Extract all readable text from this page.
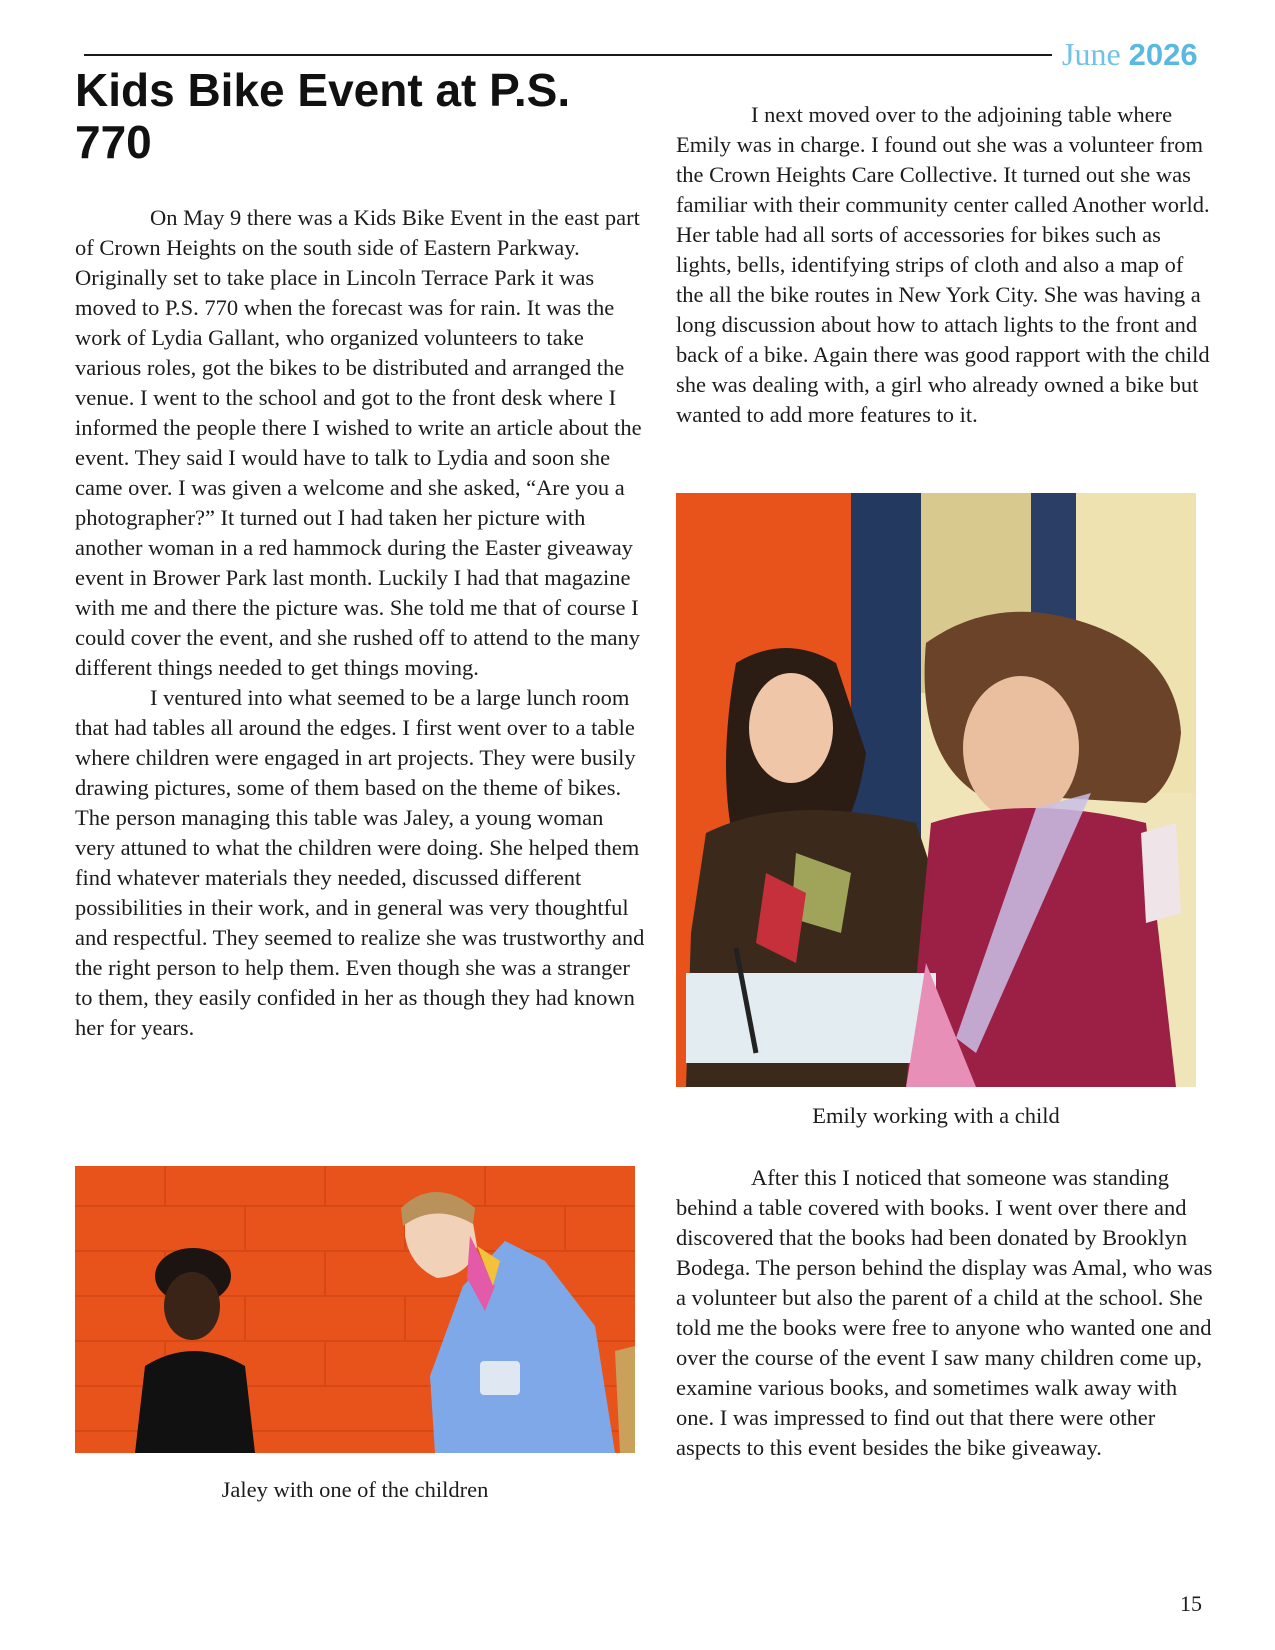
June 2026
Kids Bike Event at P.S. 770

On May 9 there was a Kids Bike Event in the east part of Crown Heights on the south side of Eastern Parkway. Originally set to take place in Lincoln Terrace Park it was moved to P.S. 770 when the forecast was for rain. It was the work of Lydia Gallant, who organized volunteers to take various roles, got the bikes to be distributed and arranged the venue. I went to the school and got to the front desk where I informed the people there I wished to write an article about the event. They said I would have to talk to Lydia and soon she came over. I was given a welcome and she asked, “Are you a photographer?” It turned out I had taken her picture with another woman in a red hammock during the Easter giveaway event in Brower Park last month. Luckily I had that magazine with me and there the picture was. She told me that of course I could cover the event, and she rushed off to attend to the many different things needed to get things moving.

I ventured into what seemed to be a large lunch room that had tables all around the edges. I first went over to a table where children were engaged in art projects. They were busily drawing pictures, some of them based on the theme of bikes. The person managing this table was Jaley, a young woman very attuned to what the children were doing. She helped them find whatever materials they needed, discussed different possibilities in their work, and in general was very thoughtful and respectful. They seemed to realize she was trustworthy and the right person to help them. Even though she was a stranger to them, they easily confided in her as though they had known her for years.

Jaley with one of the children

I next moved over to the adjoining table where Emily was in charge. I found out she was a volunteer from the Crown Heights Care Collective. It turned out she was familiar with their community center called Another world. Her table had all sorts of accessories for bikes such as lights, bells, identifying strips of cloth and also a map of the all the bike routes in New York City. She was having a long discussion about how to attach lights to the front and back of a bike. Again there was good rapport with the child she was dealing with, a girl who already owned a bike but wanted to add more features to it.

Emily working with a child

After this I noticed that someone was standing behind a table covered with books. I went over there and discovered that the books had been donated by Brooklyn Bodega. The person behind the display was Amal, who was a volunteer but also the parent of a child at the school. She told me the books were free to anyone who wanted one and over the course of the event I saw many children come up, examine various books, and sometimes walk away with one. I was impressed to find out that there were other aspects to this event besides the bike giveaway.

15
